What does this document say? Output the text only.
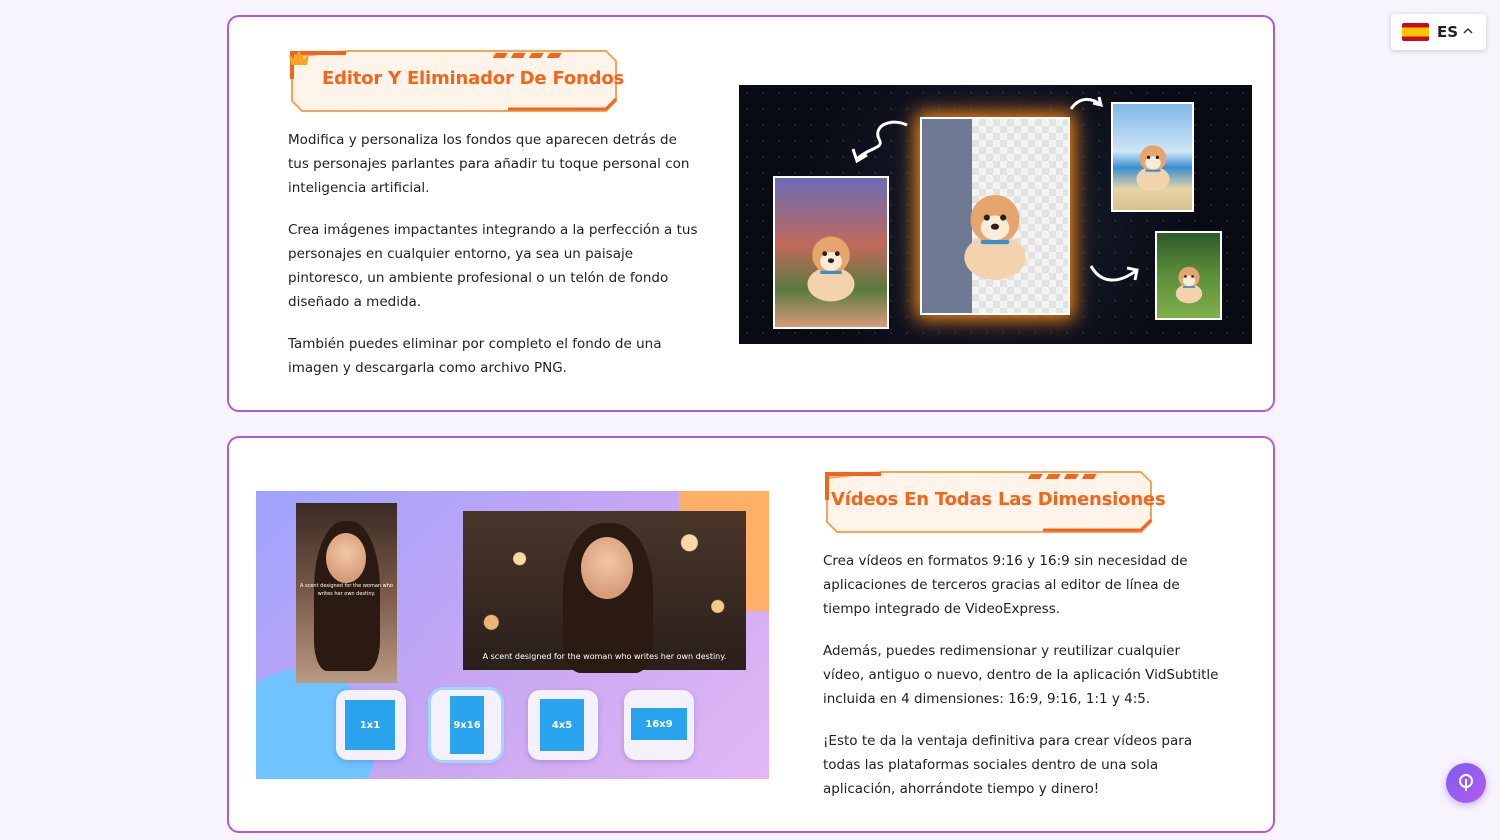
ES
Editor Y Eliminador De Fondos

Modifica y personaliza los fondos que aparecen detrás de tus personajes parlantes para añadir tu toque personal con inteligencia artificial.

Crea imágenes impactantes integrando a la perfección a tus personajes en cualquier entorno, ya sea un paisaje pintoresco, un ambiente profesional o un telón de fondo diseñado a medida.

También puedes eliminar por completo el fondo de una imagen y descargarla como archivo PNG.

A scent designed for the woman who writes her own destiny.
A scent designed for the woman who writes her own destiny.
1x1	9x16	4x5	16x9
Vídeos En Todas Las Dimensiones

Crea vídeos en formatos 9:16 y 16:9 sin necesidad de aplicaciones de terceros gracias al editor de línea de tiempo integrado de VideoExpress.

Además, puedes redimensionar y reutilizar cualquier vídeo, antiguo o nuevo, dentro de la aplicación VidSubtitle incluida en 4 dimensiones: 16:9, 9:16, 1:1 y 4:5.

¡Esto te da la ventaja definitiva para crear vídeos para todas las plataformas sociales dentro de una sola aplicación, ahorrándote tiempo y dinero!
